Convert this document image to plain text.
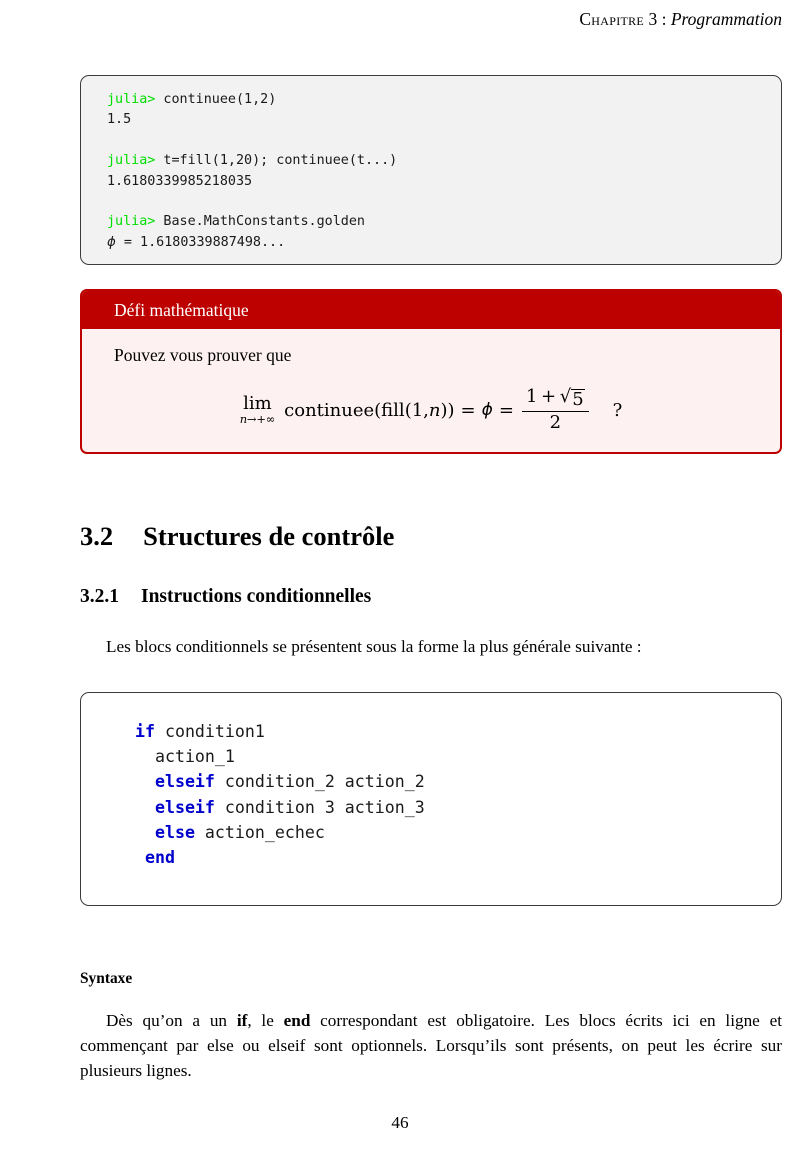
Chapitre 3 : Programmation
julia> continuee(1,2)
1.5

julia> t=fill(1,20); continuee(t...)
1.6180339985218035

julia> Base.MathConstants.golden
ϕ = 1.6180339887498...
Défi mathématique
Pouvez vous prouver que
lim
n→+∞ continuee(fill(1, n )) = $\phi = \frac{1 + √ 5}{2}$ ?
3.2 Structures de contrôle
3.2.1 Instructions conditionnelles
Les blocs conditionnels se présentent sous la forme la plus générale suivante :
if condition1
action_1
elseif condition_2 action_2
elseif condition 3 action_3
else action_echec
end
Syntaxe
Dès qu’on a un if, le end correspondant est obligatoire. Les blocs écrits ici en ligne et commençant par else ou elseif sont optionnels. Lorsqu’ils sont présents, on peut les écrire sur plusieurs lignes.
46
